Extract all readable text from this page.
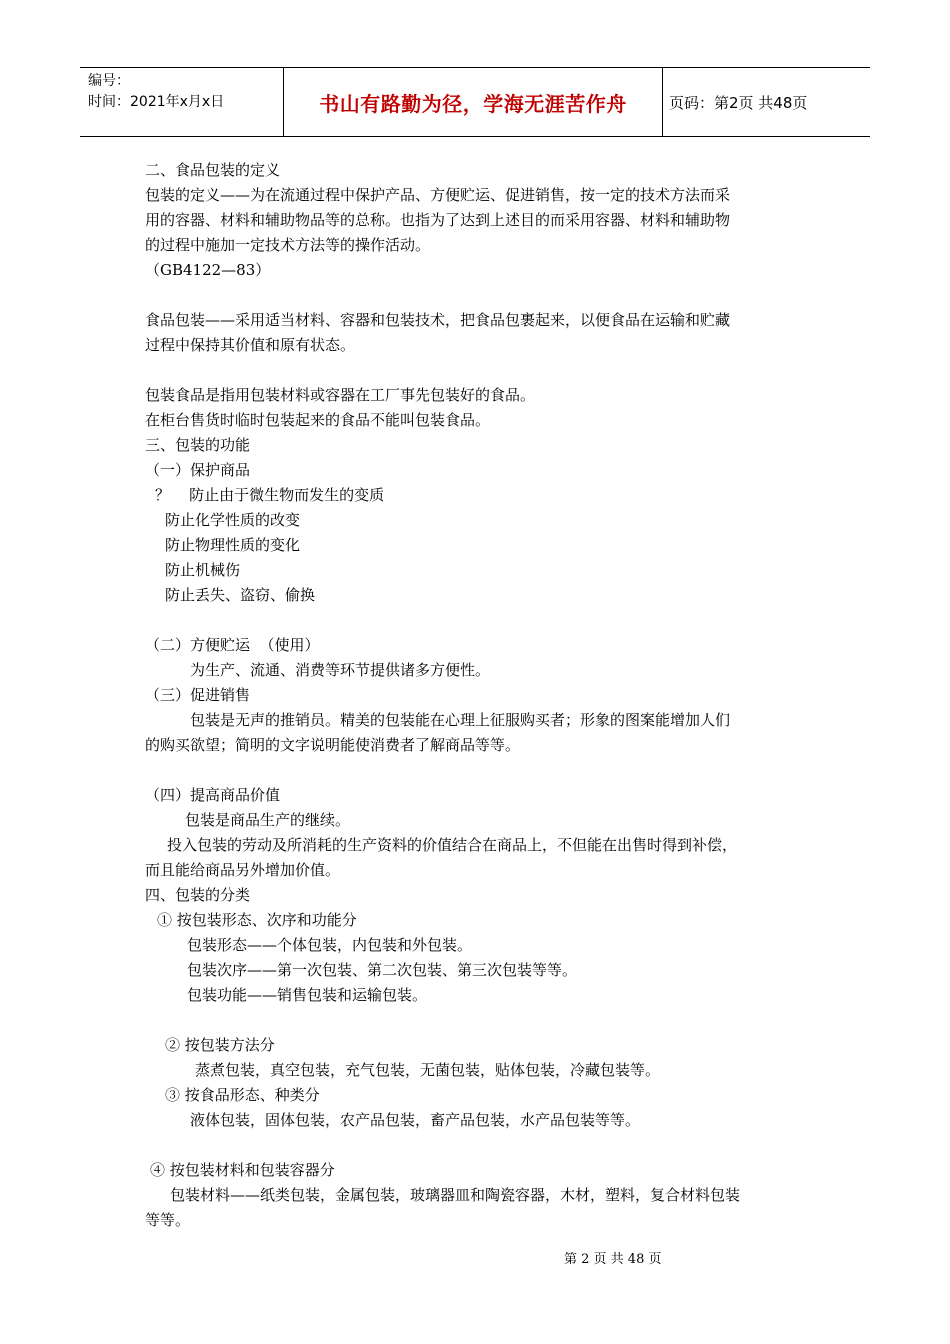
编号：
时间：2021年x月x日	书山有路勤为径，学海无涯苦作舟	页码：第2页 共48页
二、食品包装的定义
包装的定义——为在流通过程中保护产品、方便贮运、促进销售，按一定的技术方法而采
用的容器、材料和辅助物品等的总称。也指为了达到上述目的而采用容器、材料和辅助物
的过程中施加一定技术方法等的操作活动。
（GB4122—83）
食品包装——采用适当材料、容器和包装技术，把食品包裹起来，以便食品在运输和贮藏
过程中保持其价值和原有状态。
包装食品是指用包装材料或容器在工厂事先包装好的食品。
在柜台售货时临时包装起来的食品不能叫包装食品。
三、包装的功能
（一）保护商品
？    防止由于微生物而发生的变质
防止化学性质的改变
防止物理性质的变化
防止机械伤
防止丢失、盗窃、偷换
（二）方便贮运  （使用）
为生产、流通、消费等环节提供诸多方便性。
（三）促进销售
包装是无声的推销员。精美的包装能在心理上征服购买者；形象的图案能增加人们
的购买欲望；简明的文字说明能使消费者了解商品等等。
（四）提高商品价值
包装是商品生产的继续。
投入包装的劳动及所消耗的生产资料的价值结合在商品上，不但能在出售时得到补偿，
而且能给商品另外增加价值。
四、包装的分类
① 按包装形态、次序和功能分
包装形态——个体包装，内包装和外包装。
包装次序——第一次包装、第二次包装、第三次包装等等。
包装功能——销售包装和运输包装。
② 按包装方法分
蒸煮包装，真空包装，充气包装，无菌包装，贴体包装，冷藏包装等。
③ 按食品形态、种类分
液体包装，固体包装，农产品包装，畜产品包装，水产品包装等等。
④ 按包装材料和包装容器分
包装材料——纸类包装，金属包装，玻璃器皿和陶瓷容器，木材，塑料，复合材料包装
等等。
第 2 页 共 48 页
